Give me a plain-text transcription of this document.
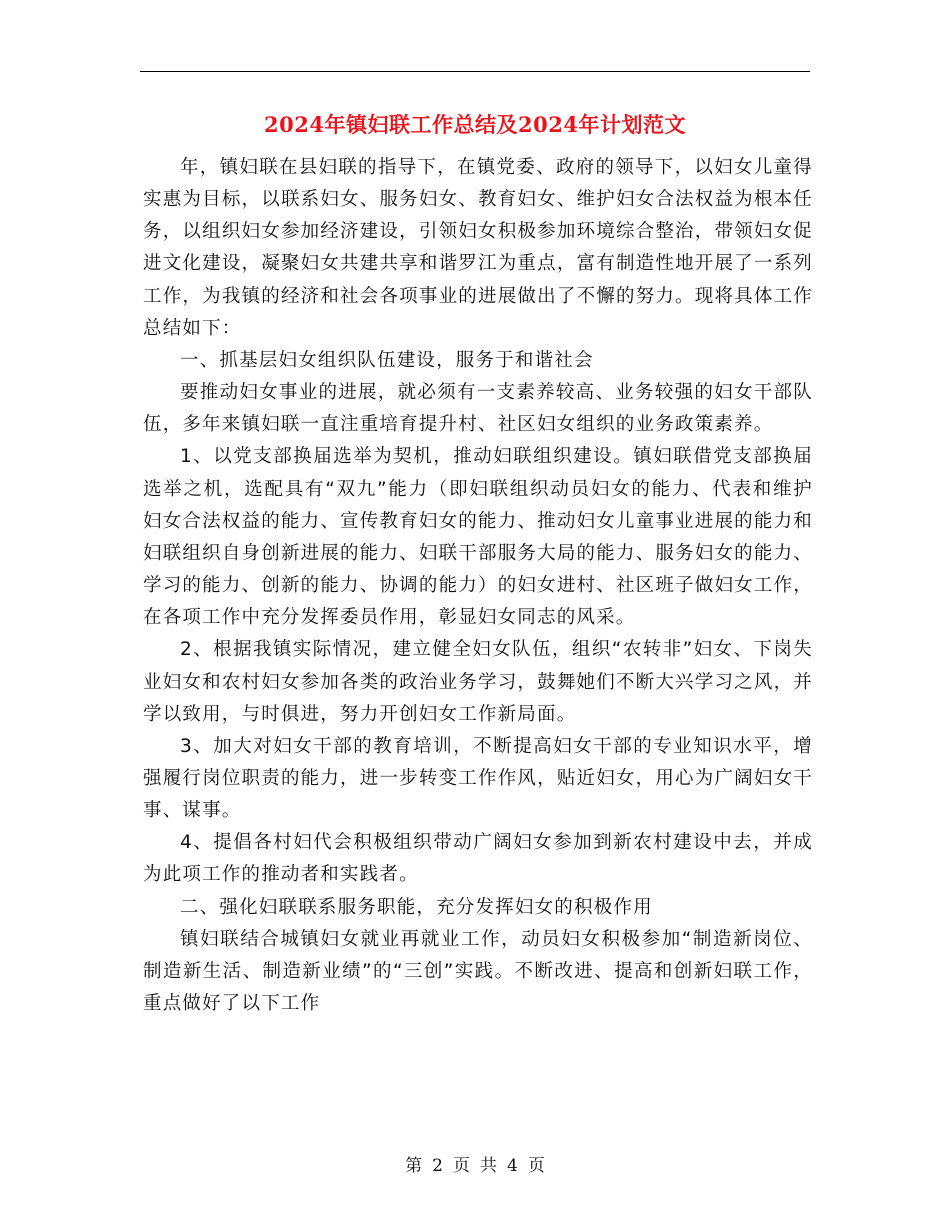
2024年镇妇联工作总结及2024年计划范文

年，镇妇联在县妇联的指导下，在镇党委、政府的领导下，以妇女儿童得实惠为目标，以联系妇女、服务妇女、教育妇女、维护妇女合法权益为根本任务，以组织妇女参加经济建设，引领妇女积极参加环境综合整治，带领妇女促进文化建设，凝聚妇女共建共享和谐罗江为重点，富有制造性地开展了一系列工作，为我镇的经济和社会各项事业的进展做出了不懈的努力。现将具体工作总结如下：

一、抓基层妇女组织队伍建设，服务于和谐社会

要推动妇女事业的进展，就必须有一支素养较高、业务较强的妇女干部队伍，多年来镇妇联一直注重培育提升村、社区妇女组织的业务政策素养。

1、以党支部换届选举为契机，推动妇联组织建设。镇妇联借党支部换届选举之机，选配具有“双九”能力（即妇联组织动员妇女的能力、代表和维护妇女合法权益的能力、宣传教育妇女的能力、推动妇女儿童事业进展的能力和妇联组织自身创新进展的能力、妇联干部服务大局的能力、服务妇女的能力、学习的能力、创新的能力、协调的能力）的妇女进村、社区班子做妇女工作，在各项工作中充分发挥委员作用，彰显妇女同志的风采。

2、根据我镇实际情况，建立健全妇女队伍，组织“农转非”妇女、下岗失业妇女和农村妇女参加各类的政治业务学习，鼓舞她们不断大兴学习之风，并学以致用，与时俱进，努力开创妇女工作新局面。

3、加大对妇女干部的教育培训，不断提高妇女干部的专业知识水平，增强履行岗位职责的能力，进一步转变工作作风，贴近妇女，用心为广阔妇女干事、谋事。

4、提倡各村妇代会积极组织带动广阔妇女参加到新农村建设中去，并成为此项工作的推动者和实践者。

二、强化妇联联系服务职能，充分发挥妇女的积极作用

镇妇联结合城镇妇女就业再就业工作，动员妇女积极参加“制造新岗位、制造新生活、制造新业绩”的“三创”实践。不断改进、提高和创新妇联工作，重点做好了以下工作

第 2 页 共 4 页
